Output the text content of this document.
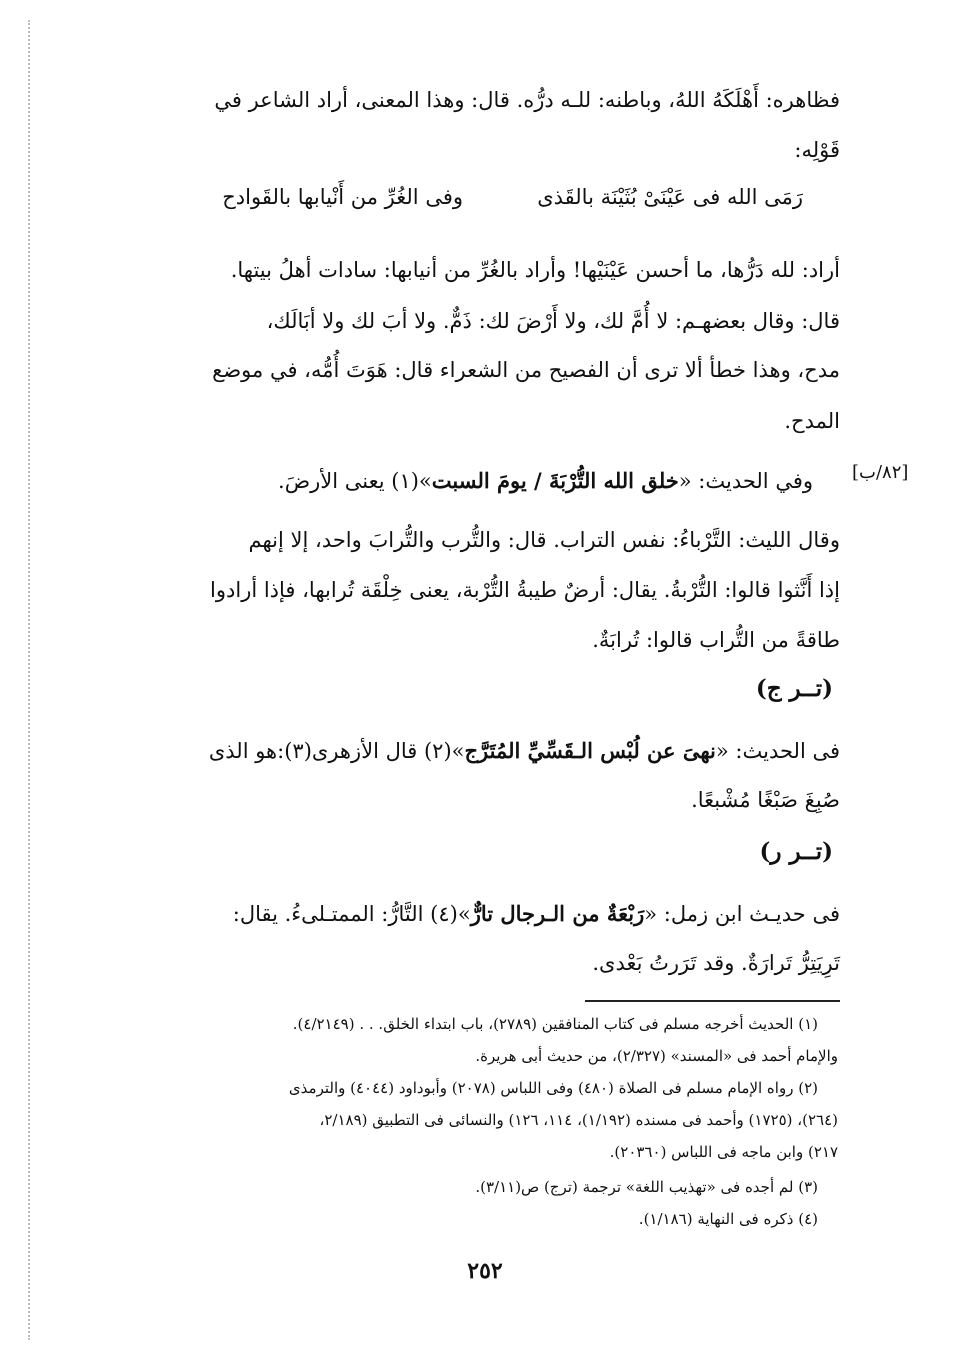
فظاهره: أَهْلَكَهُ اللهُ، وباطنه: للـه درُّه. قال: وهذا المعنى، أراد الشاعر في
قَوْلِه:
رَمَى الله فى عَيْنَىْ بُثَيْنَة بالقَذى
وفى الغُرِّ من أَنْيابها بالقَوادح
أراد: لله دَرُّها، ما أحسن عَيْنَيْها! وأراد بالغُرِّ من أنيابها: سادات أهلُ بيتها.
قال: وقال بعضهـم: لا أُمَّ لك، ولا أَرْضَ لك: ذَمٌّ. ولا أبَ لك ولا أبَالَك،
مدح، وهذا خطأ ألا ترى أن الفصيح من الشعراء قال: هَوَتَ أُمُّه، في موضع
المدح.
[٨٢/ب]
وفي الحديث: «خلق الله التُّرْبَةَ / يومَ السبت»(١) يعنى الأرضَ.
وقال الليث: التَّرْباءُ: نفس التراب. قال: والتُّرب والتُّرابَ واحد، إلا إنهم
إذا أَنَّثوا قالوا: التُّرْبةُ. يقال: أرضٌ طيبةُ التُّرْبة، يعنى خِلْقَة تُرابها، فإذا أرادوا
طاقةً من التُّراب قالوا: تُرابَةٌ.
(تــر ج)
فى الحديث: «نهىَ عن لُبْس الـقَسِّيِّ المُتَرَّج»(٢) قال الأزهرى(٣):هو الذى
صُبِغَ صَبْغًا مُشْبعًا.
(تــر ر)
فى حديـث ابن زمل: «رَبْعَةٌ من الـرجال تارٌّ»(٤) التَّارُّ: الممتـلىءُ. يقال:
تَرِيَتِرُّ تَرارَةٌ. وقد تَرَرتُ بَعْدى.
(١) الحديث أخرجه مسلم فى كتاب المنافقين (٢٧٨٩)، باب ابتداء الخلق. . . (٤/٢١٤٩).
والإمام أحمد فى «المسند» (٢/٣٢٧)، من حديث أبى هريرة.
(٢) رواه الإمام مسلم فى الصلاة (٤٨٠) وفى اللباس (٢٠٧٨) وأبوداود (٤٠٤٤) والترمذى
(٢٦٤)، (١٧٢٥) وأحمد فى مسنده (١/١٩٢)، ١١٤، ١٢٦) والنسائى فى التطبيق (٢/١٨٩،
٢١٧) وابن ماجه فى اللباس (٢٠٣٦٠).
(٣) لم أجده فى «تهذيب اللغة» ترجمة (ترج) ص(٣/١١).
(٤) ذكره فى النهاية (١/١٨٦).
٢٥٢
